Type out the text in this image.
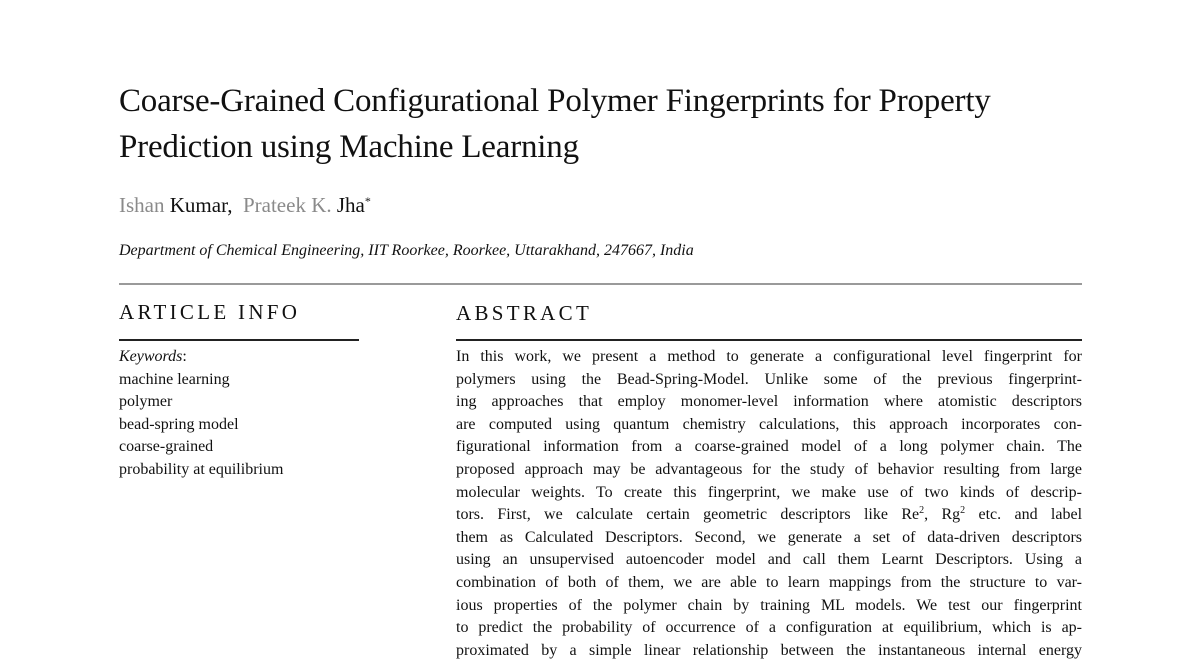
Coarse-Grained Configurational Polymer Fingerprints for Property Prediction using Machine Learning
Ishan Kumar, Prateek K. Jha*
Department of Chemical Engineering, IIT Roorkee, Roorkee, Uttarakhand, 247667, India
ARTICLE INFO	ABSTRACT
Keywords:
machine learning
polymer
bead-spring model
coarse-grained
probability at equilibrium
In this work, we present a method to generate a configurational level fingerprint for
polymers using the Bead-Spring-Model. Unlike some of the previous fingerprint-
ing approaches that employ monomer-level information where atomistic descriptors
are computed using quantum chemistry calculations, this approach incorporates con-
figurational information from a coarse-grained model of a long polymer chain. The
proposed approach may be advantageous for the study of behavior resulting from large
molecular weights. To create this fingerprint, we make use of two kinds of descrip-
tors. First, we calculate certain geometric descriptors like Re$^2$, Rg$^2$ etc. and label
them as Calculated Descriptors. Second, we generate a set of data-driven descriptors
using an unsupervised autoencoder model and call them Learnt Descriptors. Using a
combination of both of them, we are able to learn mappings from the structure to var-
ious properties of the polymer chain by training ML models. We test our fingerprint
to predict the probability of occurrence of a configuration at equilibrium, which is ap-
proximated by a simple linear relationship between the instantaneous internal energy
